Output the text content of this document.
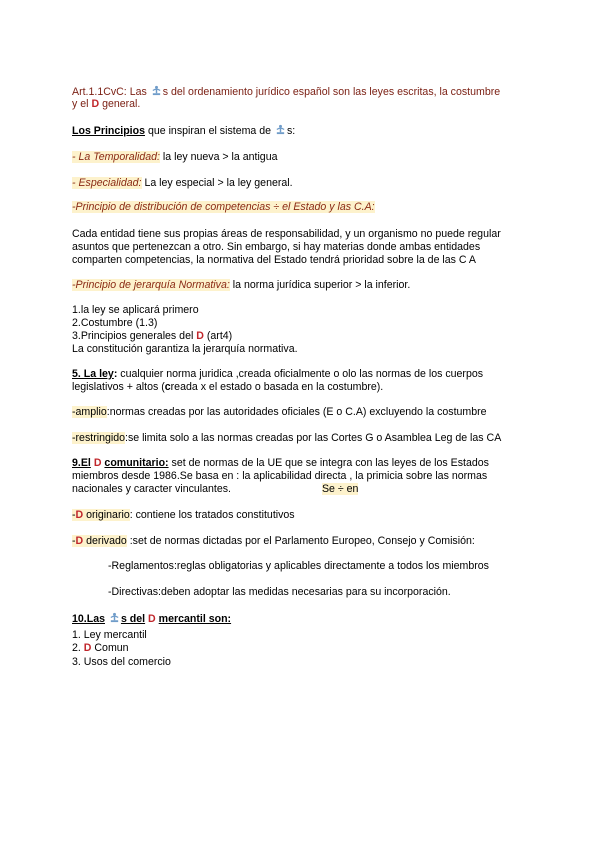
Art.1.1CvC: Las s del ordenamiento jurídico español son las leyes escritas, la costumbre
y el D general.
Los Principios que inspiran el sistema de s:
- La Temporalidad: la ley nueva > la antigua
- Especialidad: La ley especial > la ley general.
-Principio de distribución de competencias ÷ el Estado y las C.A:
Cada entidad tiene sus propias áreas de responsabilidad, y un organismo no puede regular
asuntos que pertenezcan a otro. Sin embargo, si hay materias donde ambas entidades
comparten competencias, la normativa del Estado tendrá prioridad sobre la de las C A
-Principio de jerarquía Normativa: la norma jurídica superior > la inferior.
1.la ley se aplicará primero
2.Costumbre (1.3)
3.Principios generales del D (art4)
La constitución garantiza la jerarquía normativa.
5. La ley: cualquier norma juridica ,creada oficialmente o olo las normas de los cuerpos
legislativos + altos (creada x el estado o basada en la costumbre).
-amplio:normas creadas por las autoridades oficiales (E o C.A) excluyendo la costumbre
-restringido:se limita solo a las normas creadas por las Cortes G o Asamblea Leg de las CA
9.El D comunitario: set de normas de la UE que se integra con las leyes de los Estados
miembros desde 1986.Se basa en : la aplicabilidad directa , la primicia sobre las normas
nacionales y caracter vinculantes.	Se ÷ en
-D originario: contiene los tratados constitutivos
-D derivado :set de normas dictadas por el Parlamento Europeo, Consejo y Comisión:
-Reglamentos:reglas obligatorias y aplicables directamente a todos los miembros
-Directivas:deben adoptar las medidas necesarias para su incorporación.
10.Las s del D mercantil son:
1. Ley mercantil
2. D Comun
3. Usos del comercio
